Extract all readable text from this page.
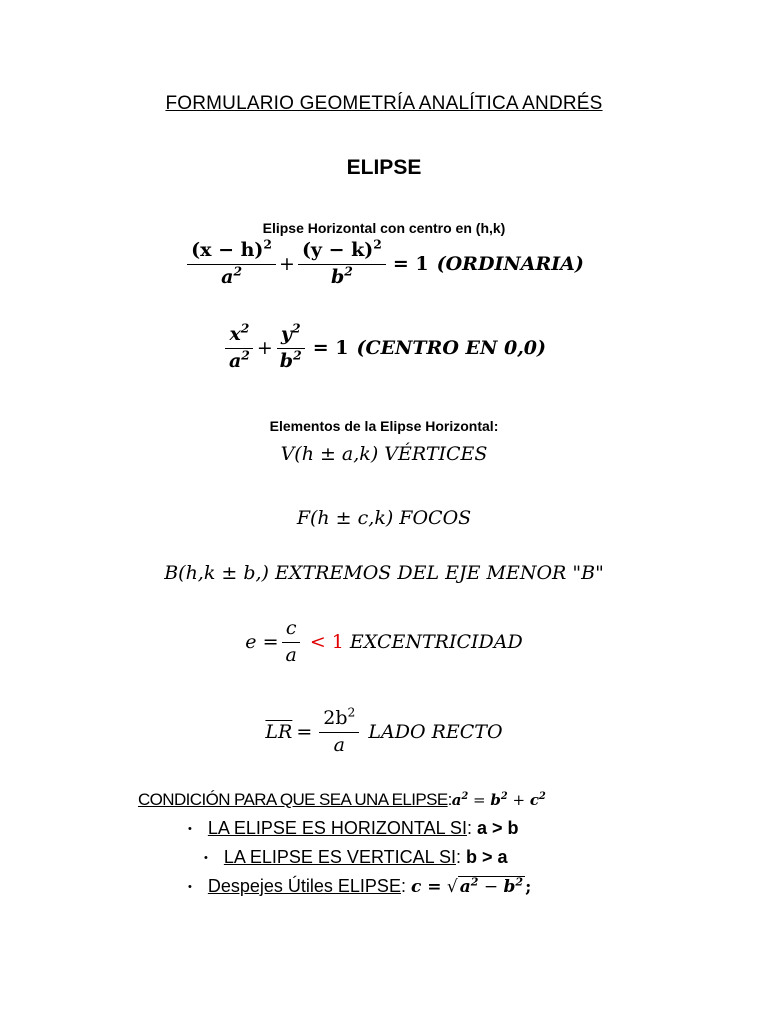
FORMULARIO GEOMETRÍA ANALÍTICA ANDRÉS
ELIPSE
Elipse Horizontal con centro en (h,k)
$\frac{(x - h)^2}{a^2} + \frac{(y - k)^2}{b^2} = 1$ (ORDINARIA)
$\frac{x^2}{a^2} + \frac{y^2}{b^2} = 1$ (CENTRO EN 0,0)
Elementos de la Elipse Horizontal:
V(h ± a,k) VÉRTICES
F(h ± c,k) FOCOS
B(h,k ± b,) EXTREMOS DEL EJE MENOR "B"
$e = \frac{c}{a} < 1$ EXCENTRICIDAD
$\overline{LR} = \frac{2b^2}{a}$ LADO RECTO
CONDICIÓN PARA QUE SEA UNA ELIPSE : $a^2 = b^2 + c^2$
• LA ELIPSE ES HORIZONTAL SI : a > b
• LA ELIPSE ES VERTICAL SI : b > a
• Despejes Útiles ELIPSE : c =
√ $a^2 - b^2$ ;
